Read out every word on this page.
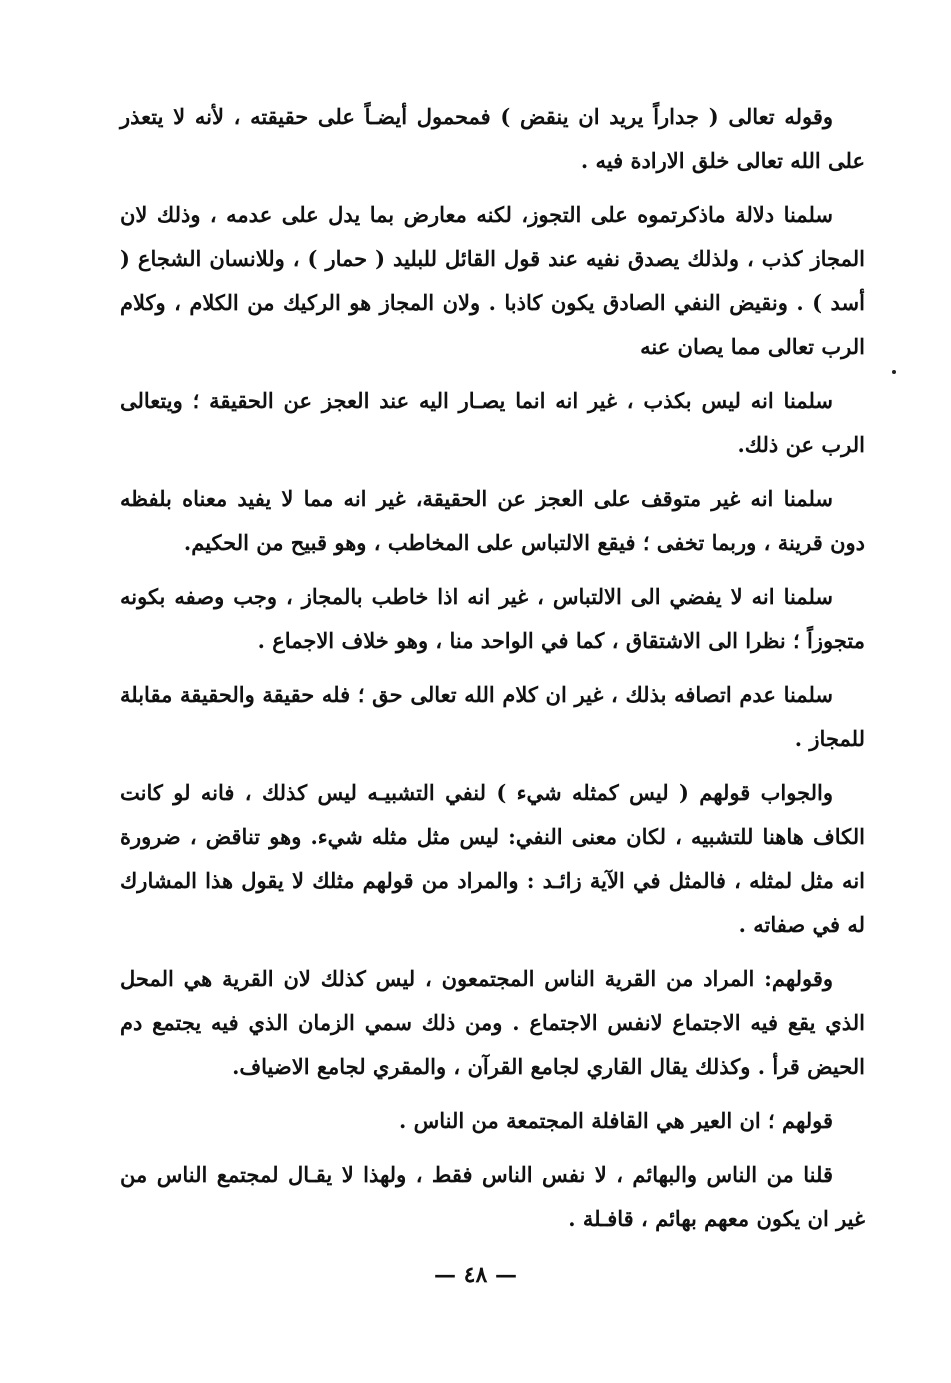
وقوله تعالى ( جداراً يريد ان ينقض ) فمحمول أيضـاً على حقيقته ، لأنه لا يتعذر على الله تعالى خلق الارادة فيه .

سلمنا دلالة ماذكرتموه على التجوز، لكنه معارض بما يدل على عدمه ، وذلك لان المجاز كذب ، ولذلك يصدق نفيه عند قول القائل للبليد ( حمار ) ، وللانسان الشجاع ( أسد ) . ونقيض النفي الصادق يكون كاذبا . ولان المجاز هو الركيك من الكلام ، وكلام الرب تعالى مما يصان عنه

سلمنا انه ليس بكذب ، غير انه انما يصـار اليه عند العجز عن الحقيقة ؛ ويتعالى الرب عن ذلك.

سلمنا انه غير متوقف على العجز عن الحقيقة، غير انه مما لا يفيد معناه بلفظه دون قرينة ، وربما تخفى ؛ فيقع الالتباس على المخاطب ، وهو قبيح من الحكيم.

سلمنا انه لا يفضي الى الالتباس ، غير انه اذا خاطب بالمجاز ، وجب وصفه بكونه متجوزاً ؛ نظرا الى الاشتقاق ، كما في الواحد منا ، وهو خلاف الاجماع .

سلمنا عدم اتصافه بذلك ، غير ان كلام الله تعالى حق ؛ فله حقيقة والحقيقة مقابلة للمجاز .

والجواب قولهم ( ليس كمثله شيء ) لنفي التشبيـه ليس كذلك ، فانه لو كانت الكاف هاهنا للتشبيه ، لكان معنى النفي: ليس مثل مثله شيء. وهو تناقض ، ضرورة انه مثل لمثله ، فالمثل في الآية زائـد : والمراد من قولهم مثلك لا يقول هذا المشارك له في صفاته .

وقولهم: المراد من القرية الناس المجتمعون ، ليس كذلك لان القرية هي المحل الذي يقع فيه الاجتماع لانفس الاجتماع . ومن ذلك سمي الزمان الذي فيه يجتمع دم الحيض قرأ . وكذلك يقال القاري لجامع القرآن ، والمقري لجامع الاضياف.

قولهم ؛ ان العير هي القافلة المجتمعة من الناس .

قلنا من الناس والبهائم ، لا نفس الناس فقط ، ولهذا لا يقـال لمجتمع الناس من غير ان يكون معهم بهائم ، قافـلة .

— ٤٨ —
